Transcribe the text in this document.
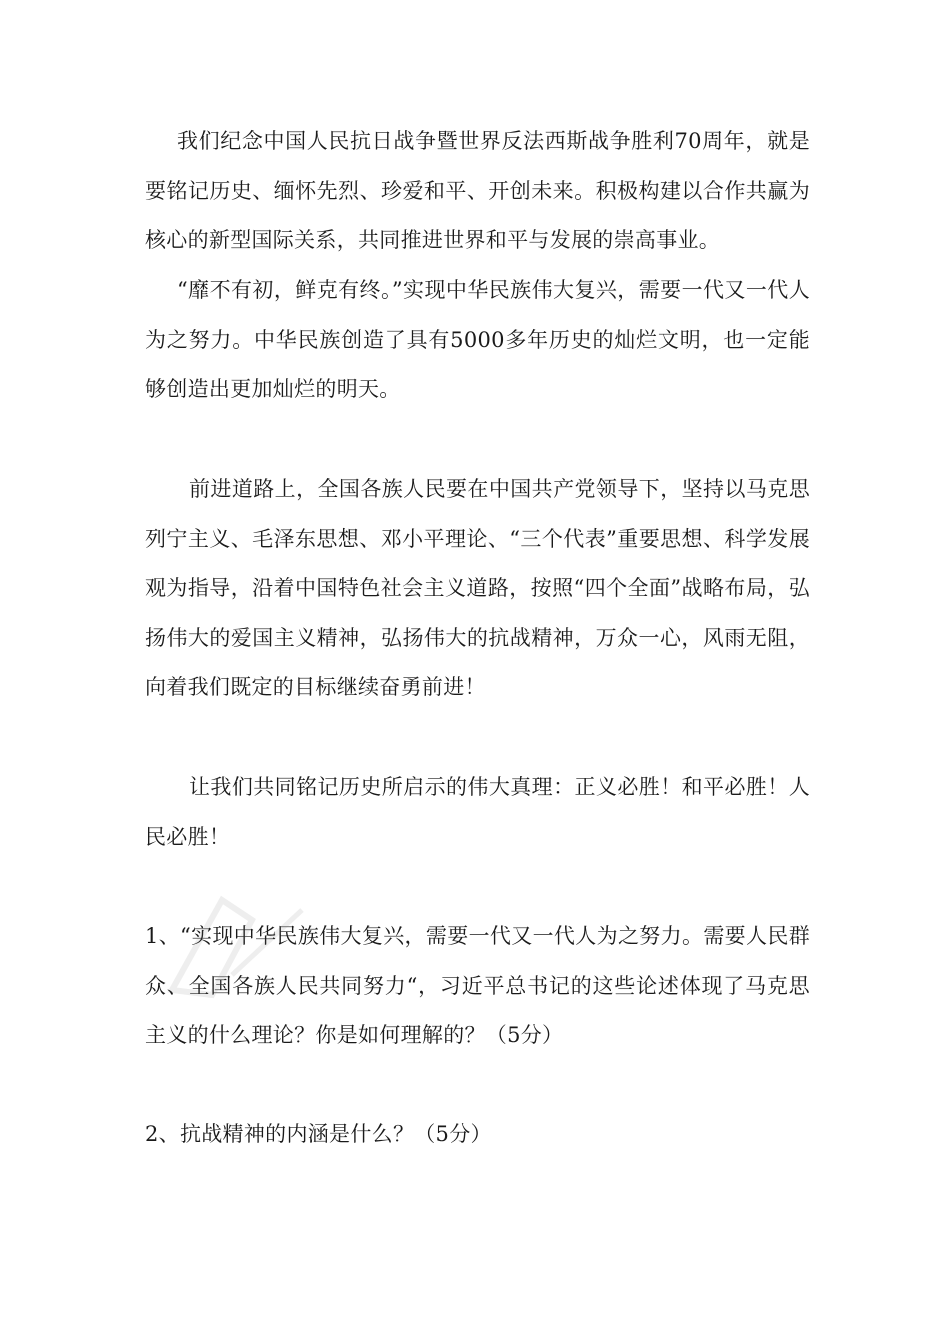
我们纪念中国人民抗日战争暨世界反法西斯战争胜利70周年，就是要铭记历史、缅怀先烈、珍爱和平、开创未来。积极构建以合作共赢为核心的新型国际关系，共同推进世界和平与发展的崇高事业。

“靡不有初，鲜克有终。”实现中华民族伟大复兴，需要一代又一代人为之努力。中华民族创造了具有5000多年历史的灿烂文明，也一定能够创造出更加灿烂的明天。

前进道路上，全国各族人民要在中国共产党领导下，坚持以马克思列宁主义、毛泽东思想、邓小平理论、“三个代表”重要思想、科学发展观为指导，沿着中国特色社会主义道路，按照“四个全面”战略布局，弘扬伟大的爱国主义精神，弘扬伟大的抗战精神，万众一心，风雨无阻，向着我们既定的目标继续奋勇前进！

让我们共同铭记历史所启示的伟大真理：正义必胜！和平必胜！人民必胜！

1、“实现中华民族伟大复兴，需要一代又一代人为之努力。需要人民群众、全国各族人民共同努力“，习近平总书记的这些论述体现了马克思主义的什么理论？你是如何理解的？（5分）

2、抗战精神的内涵是什么？（5分）
